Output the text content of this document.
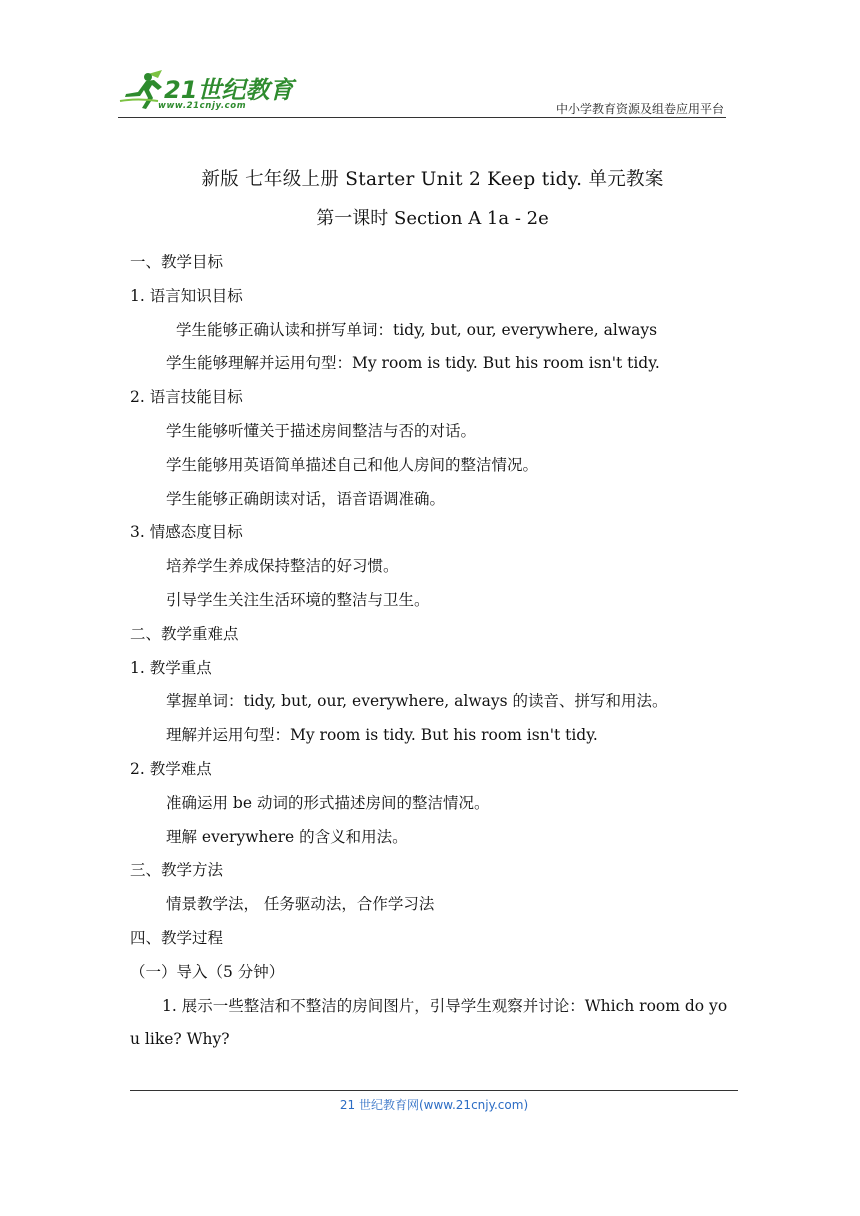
21世纪教育
www.21cnjy.com	中小学教育资源及组卷应用平台
新版 七年级上册 Starter Unit 2 Keep tidy. 单元教案
第一课时 Section A 1a - 2e
一、教学目标
1. 语言知识目标
学生能够正确认读和拼写单词：tidy, but, our, everywhere, always
学生能够理解并运用句型：My room is tidy. But his room isn't tidy.
2. 语言技能目标
学生能够听懂关于描述房间整洁与否的对话。
学生能够用英语简单描述自己和他人房间的整洁情况。
学生能够正确朗读对话，语音语调准确。
3. 情感态度目标
培养学生养成保持整洁的好习惯。
引导学生关注生活环境的整洁与卫生。
二、教学重难点
1. 教学重点
掌握单词：tidy, but, our, everywhere, always 的读音、拼写和用法。
理解并运用句型：My room is tidy. But his room isn't tidy.
2. 教学难点
准确运用 be 动词的形式描述房间的整洁情况。
理解 everywhere 的含义和用法。
三、教学方法
情景教学法， 任务驱动法，合作学习法
四、教学过程
（一）导入（5 分钟）
1. 展示一些整洁和不整洁的房间图片，引导学生观察并讨论：Which room do you like? Why?
21 世纪教育网(www.21cnjy.com)
